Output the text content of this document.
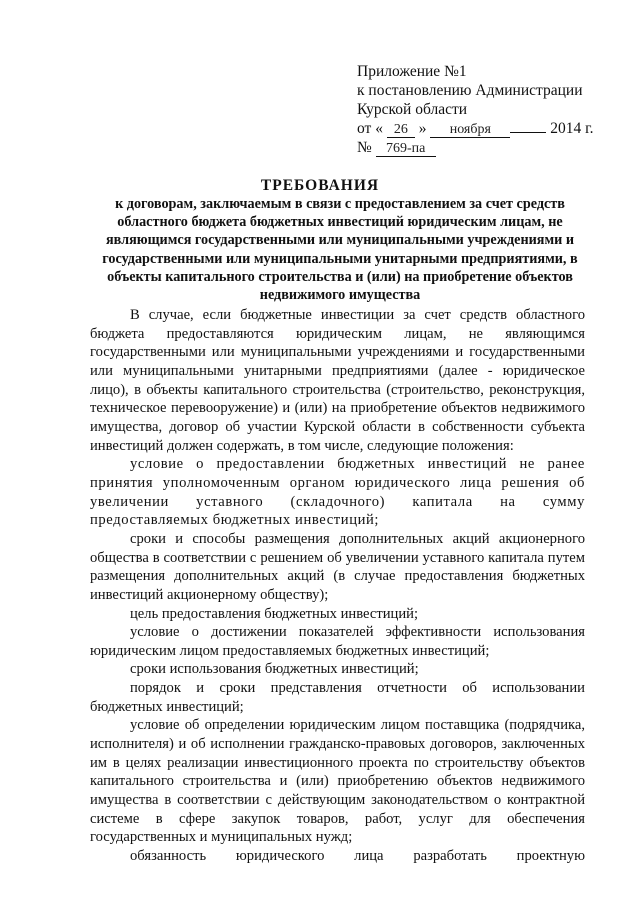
Приложение №1
к постановлению Администрации
Курской области
от « 26 » ноября	2014 г.
№ 769-па
ТРЕБОВАНИЯ
к договорам, заключаемым в связи с предоставлением за счет средств областного бюджета бюджетных инвестиций юридическим лицам, не являющимся государственными или муниципальными учреждениями и государственными или муниципальными унитарными предприятиями, в объекты капитального строительства и (или) на приобретение объектов недвижимого имущества

В случае, если бюджетные инвестиции за счет средств областного бюджета предоставляются юридическим лицам, не являющимся государственными или муниципальными учреждениями и государственными или муниципальными унитарными предприятиями (далее - юридическое лицо), в объекты капитального строительства (строительство, реконструкция, техническое перевооружение) и (или) на приобретение объектов недвижимого имущества, договор об участии Курской области в собственности субъекта инвестиций должен содержать, в том числе, следующие положения:

условие о предоставлении бюджетных инвестиций не ранее принятия уполномоченным органом юридического лица решения об увеличении уставного (складочного) капитала на сумму предоставляемых бюджетных инвестиций;

сроки и способы размещения дополнительных акций акционерного общества в соответствии с решением об увеличении уставного капитала путем размещения дополнительных акций (в случае предоставления бюджетных инвестиций акционерному обществу);

цель предоставления бюджетных инвестиций;

условие о достижении показателей эффективности использования юридическим лицом предоставляемых бюджетных инвестиций;

сроки использования бюджетных инвестиций;

порядок и сроки представления отчетности об использовании бюджетных инвестиций;

условие об определении юридическим лицом поставщика (подрядчика, исполнителя) и об исполнении гражданско-правовых договоров, заключенных им в целях реализации инвестиционного проекта по строительству объектов капитального строительства и (или) приобретению объектов недвижимого имущества в соответствии с действующим законодательством о контрактной системе в сфере закупок товаров, работ, услуг для обеспечения государственных и муниципальных нужд;

обязанность юридического лица разработать проектную
